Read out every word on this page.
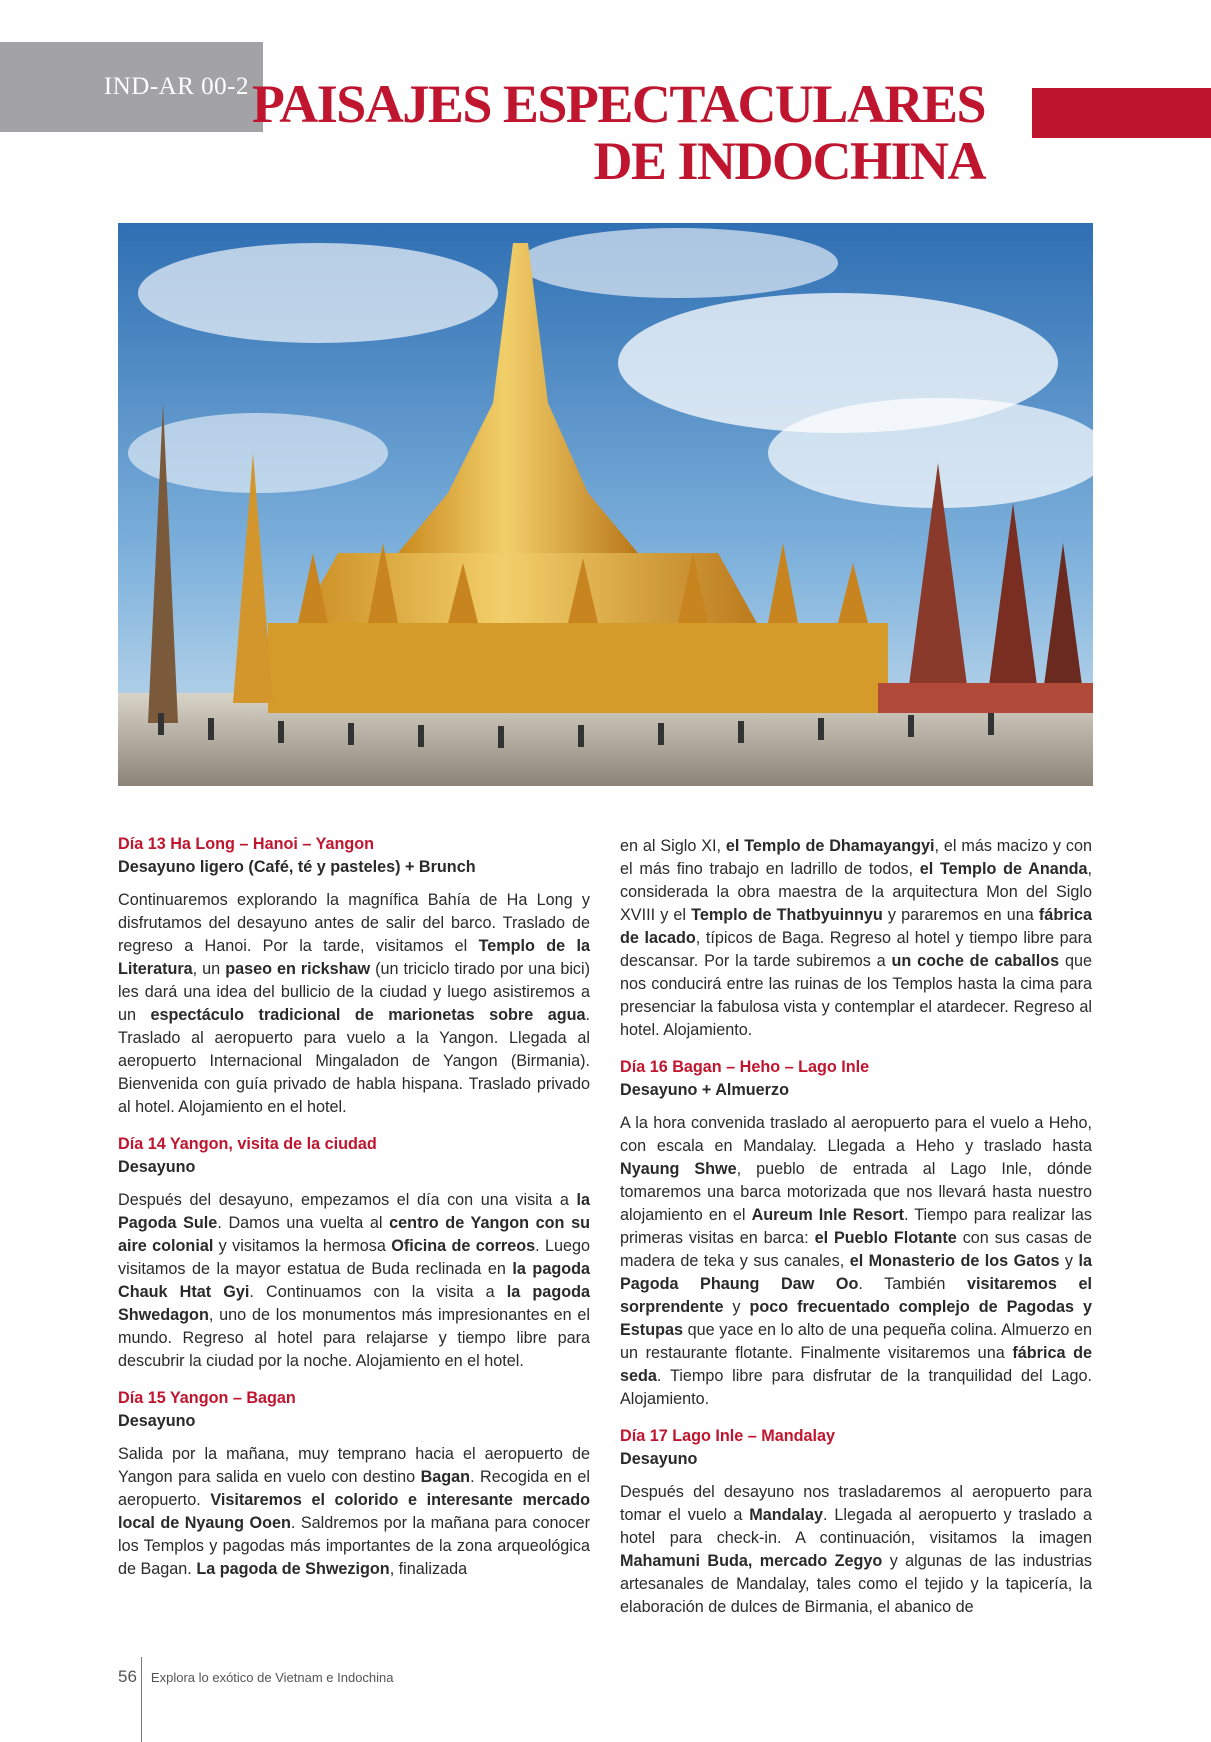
IND-AR 00-2 PAISAJES ESPECTACULARES
DE INDOCHINA

Día 13 Ha Long – Hanoi – Yangon

Desayuno ligero (Café, té y pasteles) + Brunch

Continuaremos explorando la magnífica Bahía de Ha Long y disfrutamos del desayuno antes de salir del barco. Traslado de regreso a Hanoi. Por la tarde, visitamos el Templo de la Literatura, un paseo en rickshaw (un triciclo tirado por una bici) les dará una idea del bullicio de la ciudad y luego asistiremos a un espectáculo tradicional de marionetas sobre agua. Traslado al aeropuerto para vuelo a la Yangon. Llegada al aeropuerto Internacional Mingaladon de Yangon (Birmania). Bienvenida con guía privado de habla hispana. Traslado privado al hotel. Alojamiento en el hotel.

Día 14 Yangon, visita de la ciudad

Desayuno

Después del desayuno, empezamos el día con una visita a la Pagoda Sule. Damos una vuelta al centro de Yangon con su aire colonial y visitamos la hermosa Oficina de correos. Luego visitamos de la mayor estatua de Buda reclinada en la pagoda Chauk Htat Gyi. Continuamos con la visita a la pagoda Shwedagon, uno de los monumentos más impresionantes en el mundo. Regreso al hotel para relajarse y tiempo libre para descubrir la ciudad por la noche. Alojamiento en el hotel.

Día 15 Yangon – Bagan

Desayuno

Salida por la mañana, muy temprano hacia el aeropuerto de Yangon para salida en vuelo con destino Bagan. Recogida en el aeropuerto. Visitaremos el colorido e interesante mercado local de Nyaung Ooen. Saldremos por la mañana para conocer los Templos y pagodas más importantes de la zona arqueológica de Bagan. La pagoda de Shwezigon, finalizada

en al Siglo XI, el Templo de Dhamayangyi, el más macizo y con el más fino trabajo en ladrillo de todos, el Templo de Ananda, considerada la obra maestra de la arquitectura Mon del Siglo XVIII y el Templo de Thatbyuinnyu y pararemos en una fábrica de lacado, típicos de Baga. Regreso al hotel y tiempo libre para descansar. Por la tarde subiremos a un coche de caballos que nos conducirá entre las ruinas de los Templos hasta la cima para presenciar la fabulosa vista y contemplar el atardecer. Regreso al hotel. Alojamiento.

Día 16 Bagan – Heho – Lago Inle

Desayuno + Almuerzo

A la hora convenida traslado al aeropuerto para el vuelo a Heho, con escala en Mandalay. Llegada a Heho y traslado hasta Nyaung Shwe, pueblo de entrada al Lago Inle, dónde tomaremos una barca motorizada que nos llevará hasta nuestro alojamiento en el Aureum Inle Resort. Tiempo para realizar las primeras visitas en barca: el Pueblo Flotante con sus casas de madera de teka y sus canales, el Monasterio de los Gatos y la Pagoda Phaung Daw Oo. También visitaremos el sorprendente y poco frecuentado complejo de Pagodas y Estupas que yace en lo alto de una pequeña colina. Almuerzo en un restaurante flotante. Finalmente visitaremos una fábrica de seda. Tiempo libre para disfrutar de la tranquilidad del Lago. Alojamiento.

Día 17 Lago Inle – Mandalay

Desayuno

Después del desayuno nos trasladaremos al aeropuerto para tomar el vuelo a Mandalay. Llegada al aeropuerto y traslado a hotel para check-in. A continuación, visitamos la imagen Mahamuni Buda, mercado Zegyo y algunas de las industrias artesanales de Mandalay, tales como el tejido y la tapicería, la elaboración de dulces de Birmania, el abanico de

56 Explora lo exótico de Vietnam e Indochina
